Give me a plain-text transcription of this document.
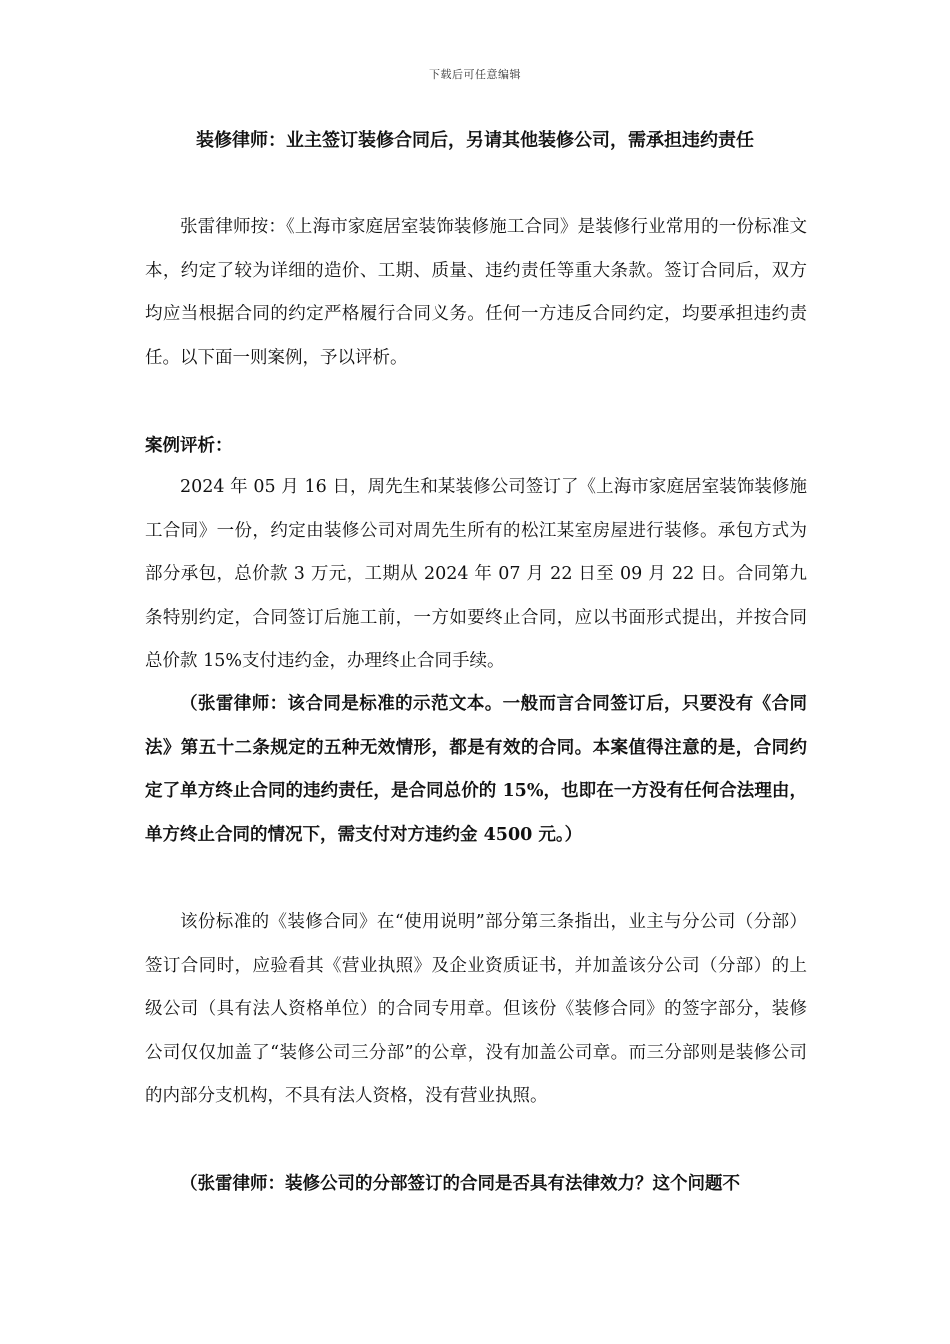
下载后可任意编辑
装修律师：业主签订装修合同后，另请其他装修公司，需承担违约责任

张雷律师按：《上海市家庭居室装饰装修施工合同》是装修行业常用的一份标准文本，约定了较为详细的造价、工期、质量、违约责任等重大条款。签订合同后，双方均应当根据合同的约定严格履行合同义务。任何一方违反合同约定，均要承担违约责任。以下面一则案例，予以评析。

案例评析：

2024 年 05 月 16 日，周先生和某装修公司签订了《上海市家庭居室装饰装修施工合同》一份，约定由装修公司对周先生所有的松江某室房屋进行装修。承包方式为部分承包，总价款 3 万元，工期从 2024 年 07 月 22 日至 09 月 22 日。合同第九条特别约定，合同签订后施工前，一方如要终止合同，应以书面形式提出，并按合同总价款 15%支付违约金，办理终止合同手续。

（张雷律师：该合同是标准的示范文本。一般而言合同签订后，只要没有《合同法》第五十二条规定的五种无效情形，都是有效的合同。本案值得注意的是，合同约定了单方终止合同的违约责任，是合同总价的 15%，也即在一方没有任何合法理由，单方终止合同的情况下，需支付对方违约金 4500 元。）

该份标准的《装修合同》在“使用说明”部分第三条指出，业主与分公司（分部）签订合同时，应验看其《营业执照》及企业资质证书，并加盖该分公司（分部）的上级公司（具有法人资格单位）的合同专用章。但该份《装修合同》的签字部分，装修公司仅仅加盖了“装修公司三分部”的公章，没有加盖公司章。而三分部则是装修公司的内部分支机构，不具有法人资格，没有营业执照。

（张雷律师：装修公司的分部签订的合同是否具有法律效力？这个问题不
